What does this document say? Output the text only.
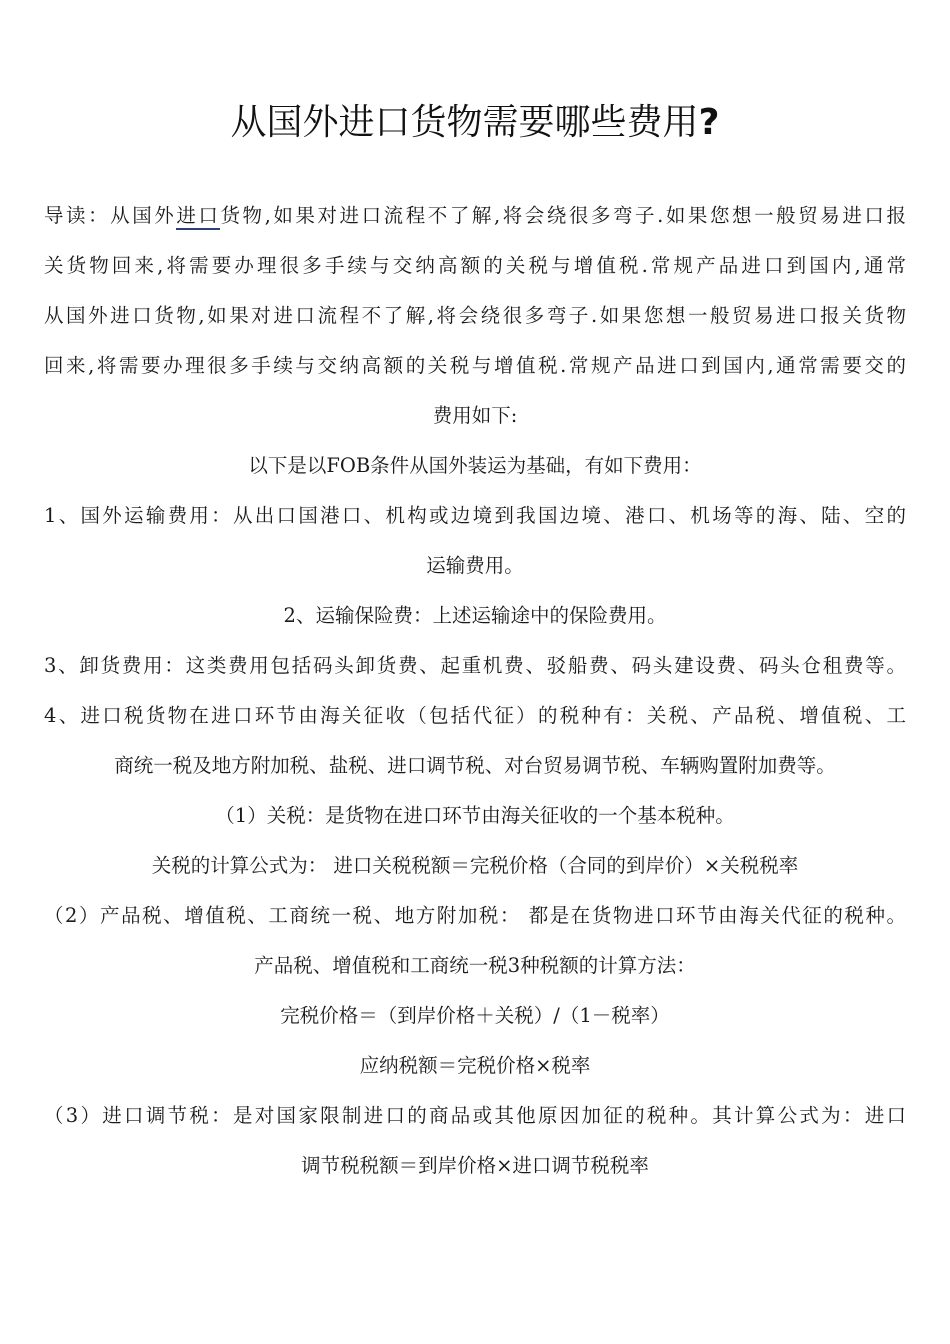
从国外进口货物需要哪些费用?
导读：从国外进口货物,如果对进口流程不了解,将会绕很多弯子.如果您想一般贸易进口报
关货物回来,将需要办理很多手续与交纳高额的关税与增值税.常规产品进口到国内,通常
从国外进口货物,如果对进口流程不了解,将会绕很多弯子.如果您想一般贸易进口报关货物
回来,将需要办理很多手续与交纳高额的关税与增值税.常规产品进口到国内,通常需要交的
费用如下:
以下是以FOB条件从国外装运为基础，有如下费用：
1、国外运输费用：从出口国港口、机构或边境到我国边境、港口、机场等的海、陆、空的
运输费用。
2、运输保险费：上述运输途中的保险费用。
3、卸货费用：这类费用包括码头卸货费、起重机费、驳船费、码头建设费、码头仓租费等。
4、进口税货物在进口环节由海关征收（包括代征）的税种有：关税、产品税、增值税、工
商统一税及地方附加税、盐税、进口调节税、对台贸易调节税、车辆购置附加费等。
（1）关税：是货物在进口环节由海关征收的一个基本税种。
关税的计算公式为： 进口关税税额＝完税价格（合同的到岸价）×关税税率
（2）产品税、增值税、工商统一税、地方附加税： 都是在货物进口环节由海关代征的税种。
产品税、增值税和工商统一税3种税额的计算方法：
完税价格＝（到岸价格＋关税）/（1－税率）
应纳税额＝完税价格×税率
（3）进口调节税：是对国家限制进口的商品或其他原因加征的税种。其计算公式为：进口
调节税税额＝到岸价格×进口调节税税率
